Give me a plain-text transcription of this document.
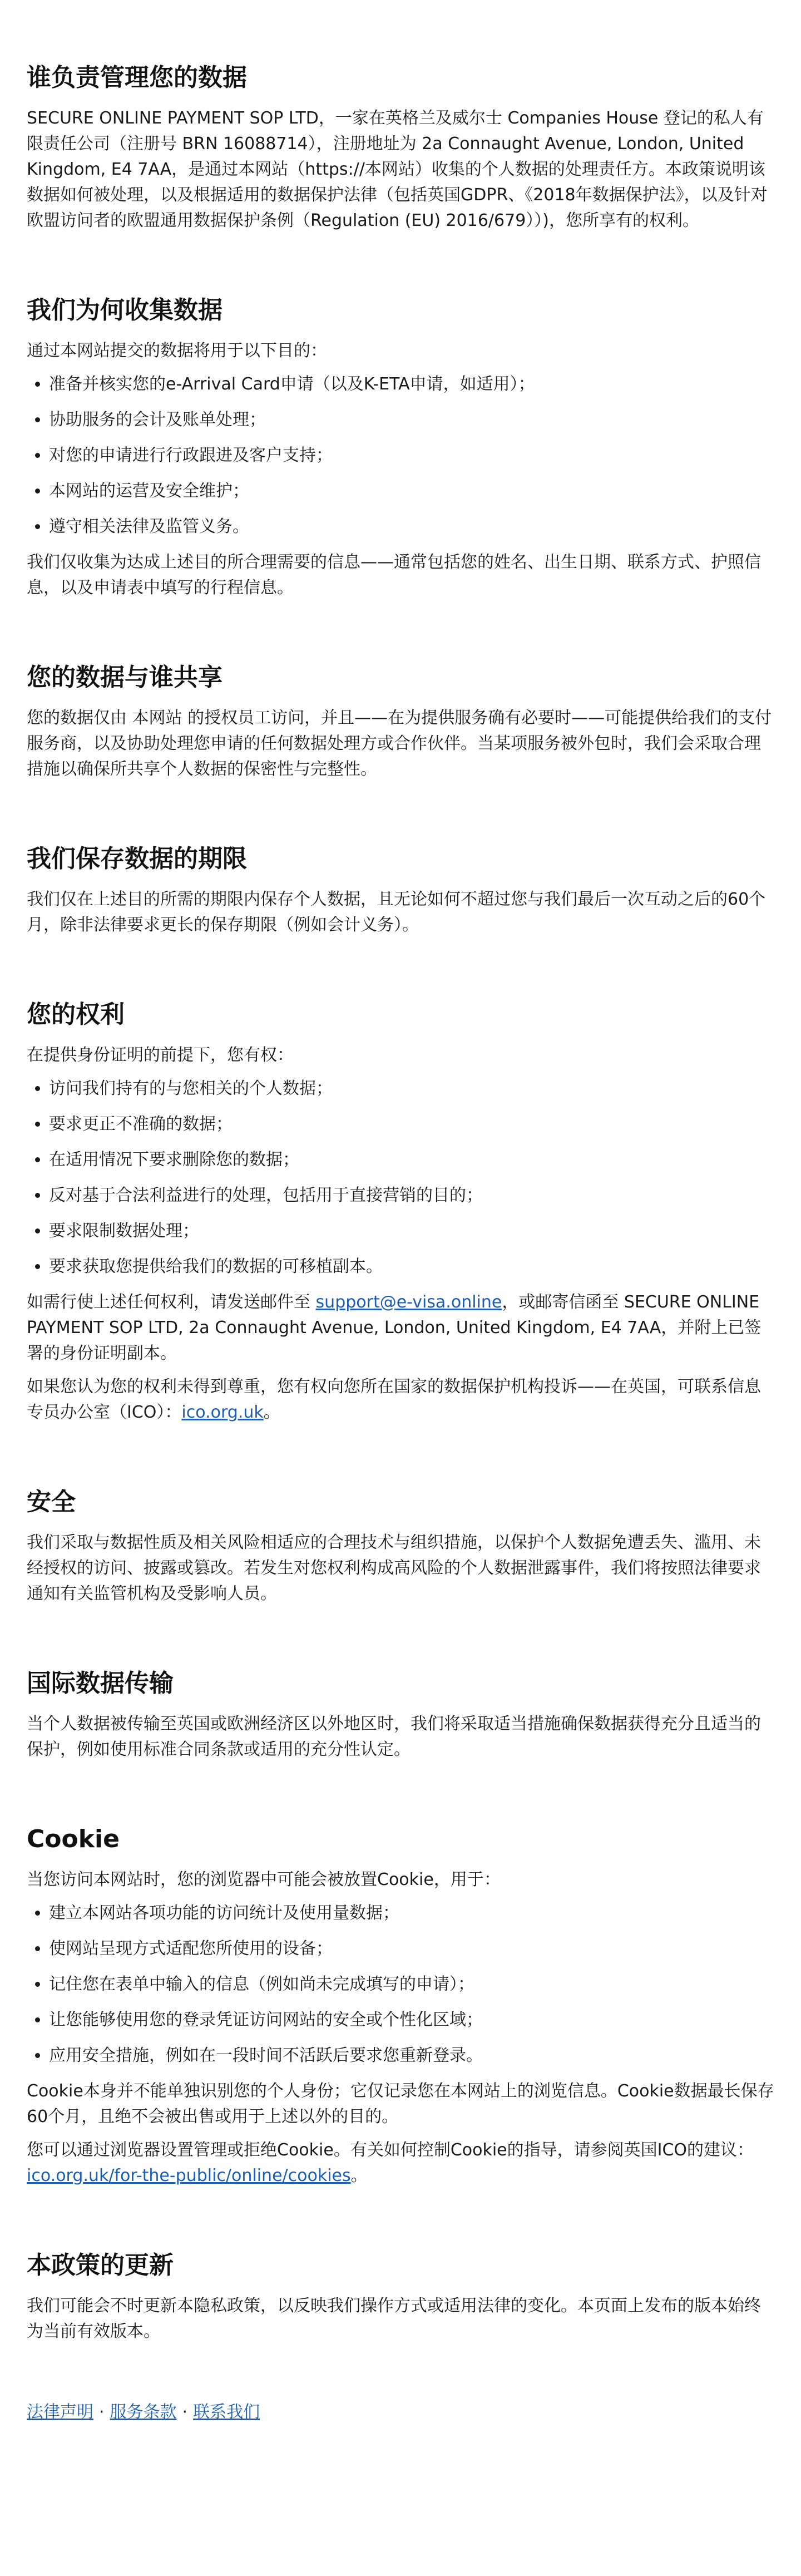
谁负责管理您的数据

SECURE ONLINE PAYMENT SOP LTD，一家在英格兰及威尔士 Companies House 登记的私人有限责任公司（注册号 BRN 16088714），注册地址为 2a Connaught Avenue, London, United Kingdom, E4 7AA，是通过本网站（https://本网站）收集的个人数据的处理责任方。本政策说明该数据如何被处理，以及根据适用的数据保护法律（包括英国GDPR、《2018年数据保护法》，以及针对欧盟访问者的欧盟通用数据保护条例（Regulation (EU) 2016/679））)，您所享有的权利。

我们为何收集数据

通过本网站提交的数据将用于以下目的：

• 准备并核实您的e-Arrival Card申请（以及K-ETA申请，如适用）；
• 协助服务的会计及账单处理；
• 对您的申请进行行政跟进及客户支持；
• 本网站的运营及安全维护；
• 遵守相关法律及监管义务。

我们仅收集为达成上述目的所合理需要的信息——通常包括您的姓名、出生日期、联系方式、护照信息，以及申请表中填写的行程信息。

您的数据与谁共享

您的数据仅由 本网站 的授权员工访问，并且——在为提供服务确有必要时——可能提供给我们的支付服务商，以及协助处理您申请的任何数据处理方或合作伙伴。当某项服务被外包时，我们会采取合理措施以确保所共享个人数据的保密性与完整性。

我们保存数据的期限

我们仅在上述目的所需的期限内保存个人数据，且无论如何不超过您与我们最后一次互动之后的60个月，除非法律要求更长的保存期限（例如会计义务）。

您的权利

在提供身份证明的前提下，您有权：

• 访问我们持有的与您相关的个人数据；
• 要求更正不准确的数据；
• 在适用情况下要求删除您的数据；
• 反对基于合法利益进行的处理，包括用于直接营销的目的；
• 要求限制数据处理；
• 要求获取您提供给我们的数据的可移植副本。

如需行使上述任何权利，请发送邮件至 support@e-visa.online，或邮寄信函至 SECURE ONLINE PAYMENT SOP LTD, 2a Connaught Avenue, London, United Kingdom, E4 7AA，并附上已签署的身份证明副本。

如果您认为您的权利未得到尊重，您有权向您所在国家的数据保护机构投诉——在英国，可联系信息专员办公室（ICO）：ico.org.uk。

安全

我们采取与数据性质及相关风险相适应的合理技术与组织措施，以保护个人数据免遭丢失、滥用、未经授权的访问、披露或篡改。若发生对您权利构成高风险的个人数据泄露事件，我们将按照法律要求通知有关监管机构及受影响人员。

国际数据传输

当个人数据被传输至英国或欧洲经济区以外地区时，我们将采取适当措施确保数据获得充分且适当的保护，例如使用标准合同条款或适用的充分性认定。

Cookie

当您访问本网站时，您的浏览器中可能会被放置Cookie，用于：

• 建立本网站各项功能的访问统计及使用量数据；
• 使网站呈现方式适配您所使用的设备；
• 记住您在表单中输入的信息（例如尚未完成填写的申请）；
• 让您能够使用您的登录凭证访问网站的安全或个性化区域；
• 应用安全措施，例如在一段时间不活跃后要求您重新登录。

Cookie本身并不能单独识别您的个人身份；它仅记录您在本网站上的浏览信息。Cookie数据最长保存60个月，且绝不会被出售或用于上述以外的目的。

您可以通过浏览器设置管理或拒绝Cookie。有关如何控制Cookie的指导，请参阅英国ICO的建议：ico.org.uk/for-the-public/online/cookies。

本政策的更新

我们可能会不时更新本隐私政策，以反映我们操作方式或适用法律的变化。本页面上发布的版本始终为当前有效版本。

法律声明 · 服务条款 · 联系我们
